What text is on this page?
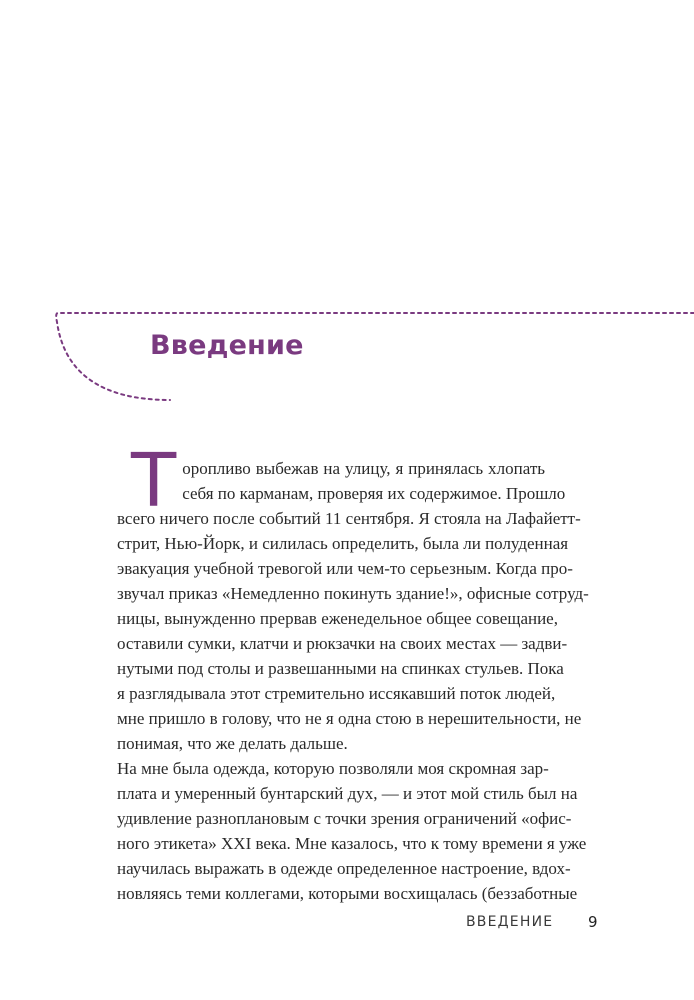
Введение

Т оропливо выбежав на улицу, я принялась хлопать
себя по карманам, проверяя их содержимое. Прошло
всего ничего после событий 11 сентября. Я стояла на Лафайетт-
стрит, Нью-Йорк, и силилась определить, была ли полуденная
эвакуация учебной тревогой или чем-то серьезным. Когда про-
звучал приказ «Немедленно покинуть здание!», офисные сотруд-
ницы, вынужденно прервав еженедельное общее совещание,
оставили сумки, клатчи и рюкзачки на своих местах — задви-
нутыми под столы и развешанными на спинках стульев. Пока
я разглядывала этот стремительно иссякавший поток людей,
мне пришло в голову, что не я одна стою в нерешительности, не
понимая, что же делать дальше.

На мне была одежда, которую позволяли моя скромная зар-
плата и умеренный бунтарский дух, — и этот мой стиль был на
удивление разноплановым с точки зрения ограничений «офис-
ного этикета» XXI века. Мне казалось, что к тому времени я уже
научилась выражать в одежде определенное настроение, вдох-
новляясь теми коллегами, которыми восхищалась (беззаботные

ВВЕДЕНИЕ 9
